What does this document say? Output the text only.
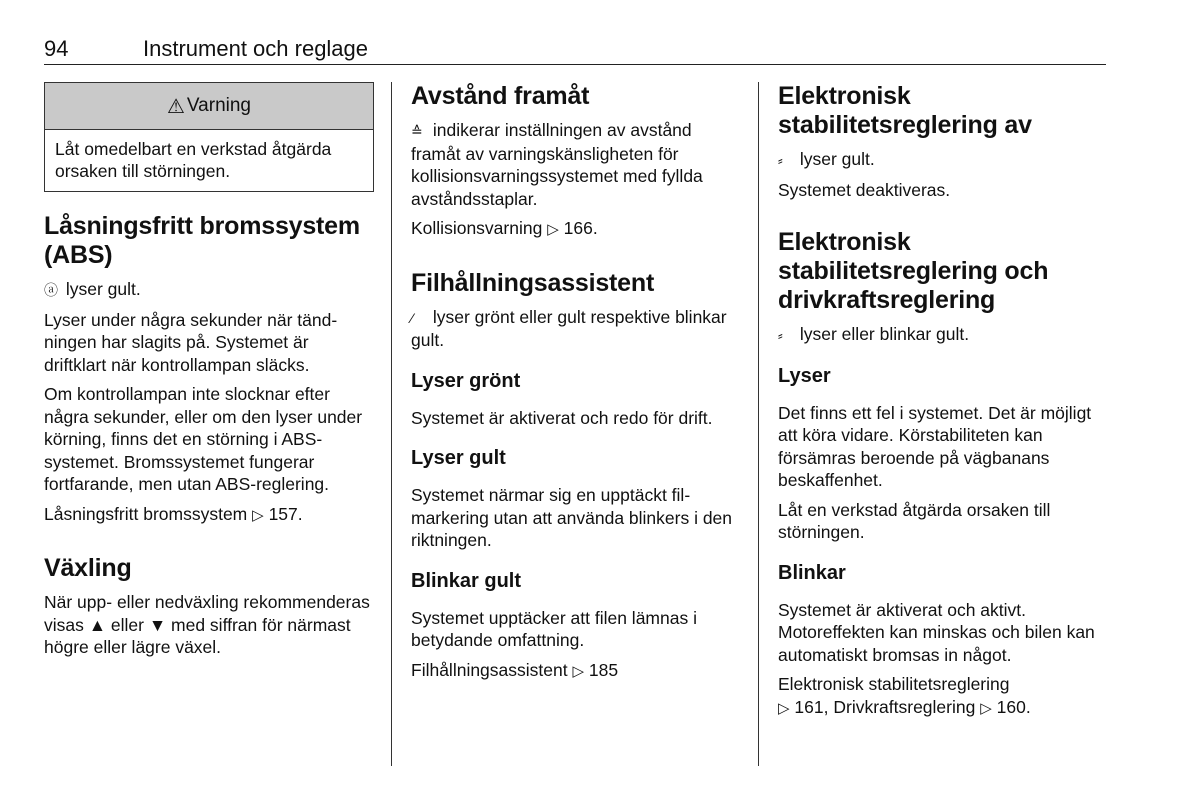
94	Instrument och reglage
⚠ Varning
Låt omedelbart en verkstad åtgärda orsaken till störningen.
Låsningsfritt bromssystem (ABS)

ⓐ lyser gult.

Lyser under några sekunder när tändningen har slagits på. Systemet är driftklart när kontrollampan släcks.

Om kontrollampan inte slocknar efter några sekunder, eller om den lyser under körning, finns det en störning i ABS-systemet. Bromssystemet fungerar fortfarande, men utan ABS-reglering.

Låsningsfritt bromssystem ▷ 157.

Växling

När upp- eller nedväxling rekommenderas visas ▲ eller ▼ med siffran för närmast högre eller lägre växel.

Avstånd framåt

≙ indikerar inställningen av avstånd framåt av varningskänsligheten för kollisionsvarningssystemet med fyllda avståndsstaplar.

Kollisionsvarning ▷ 166.

Filhållningsassistent

⁄ lyser grönt eller gult respektive blinkar gult.

Lyser grönt

Systemet är aktiverat och redo för drift.

Lyser gult

Systemet närmar sig en upptäckt filmarkering utan att använda blinkers i den riktningen.

Blinkar gult

Systemet upptäcker att filen lämnas i betydande omfattning.

Filhållningsassistent ▷ 185

Elektronisk stabilitetsreglering av

⸗ lyser gult.

Systemet deaktiveras.

Elektronisk stabilitetsreglering och drivkraftsreglering

⸗ lyser eller blinkar gult.

Lyser

Det finns ett fel i systemet. Det är möjligt att köra vidare. Körstabiliteten kan försämras beroende på vägbanans beskaffenhet.

Låt en verkstad åtgärda orsaken till störningen.

Blinkar

Systemet är aktiverat och aktivt. Motoreffekten kan minskas och bilen kan automatiskt bromsas in något.

Elektronisk stabilitetsreglering
▷ 161, Drivkraftsreglering ▷ 160.
